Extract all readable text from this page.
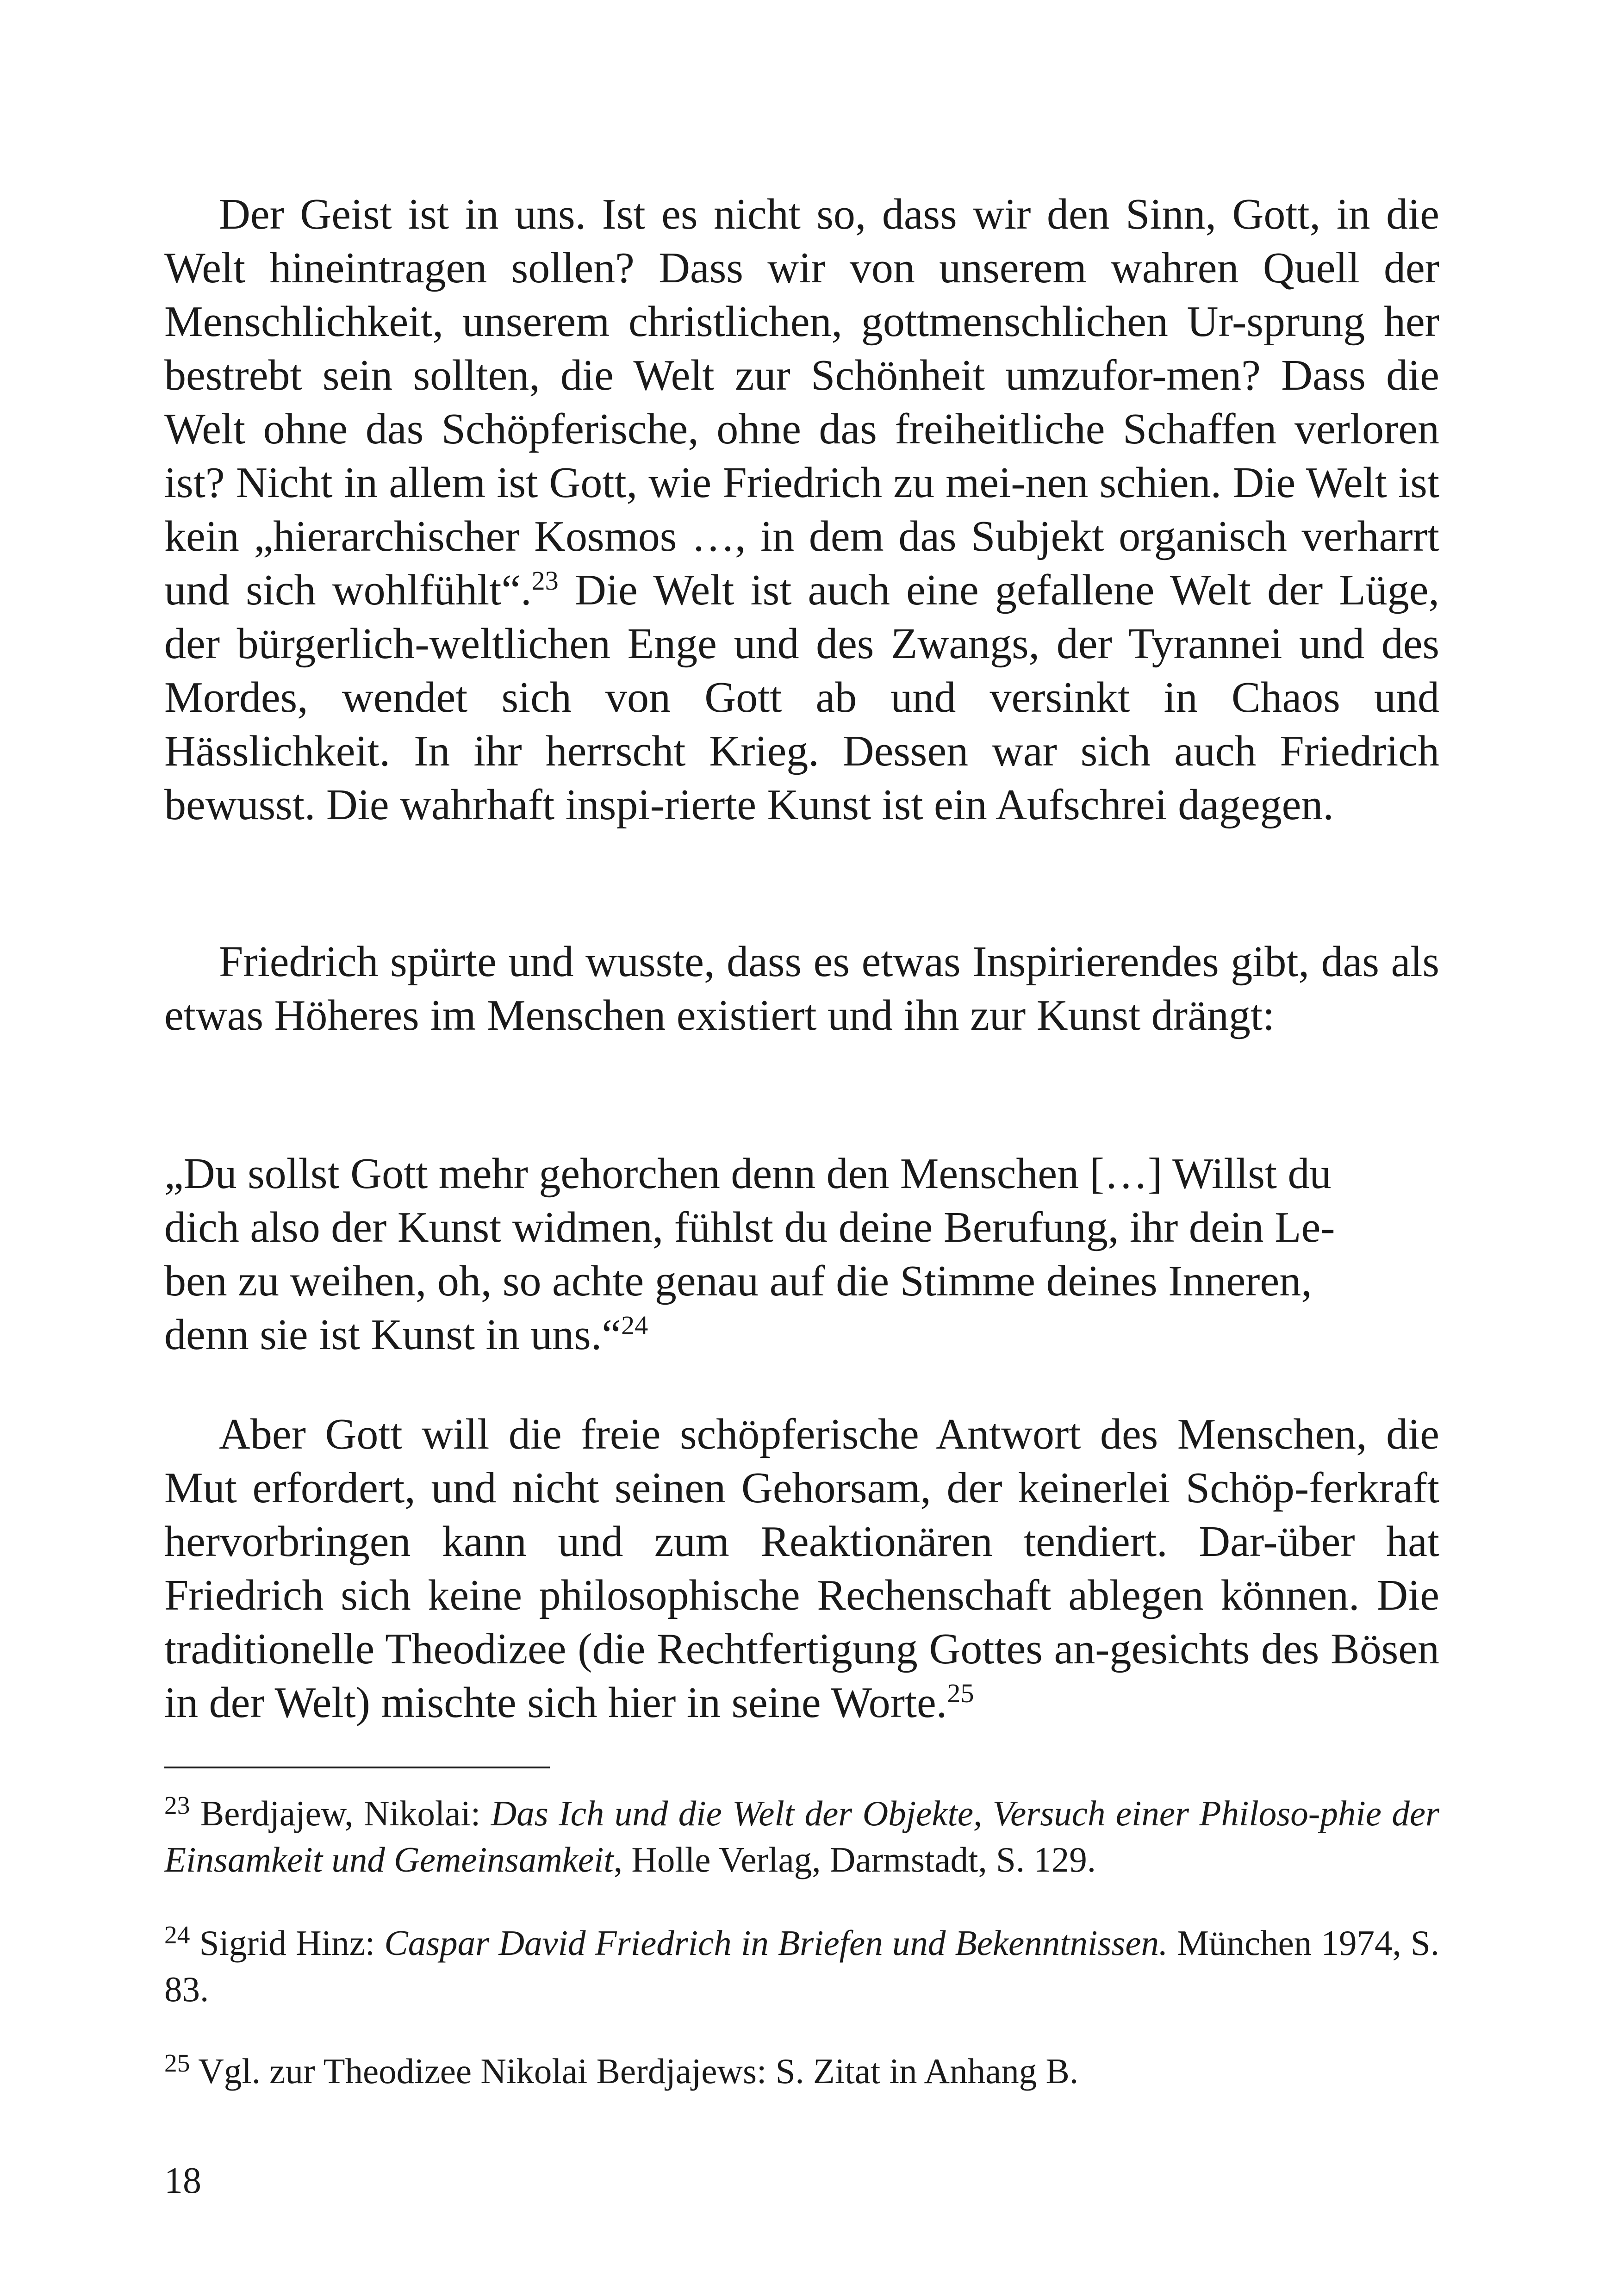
Der Geist ist in uns. Ist es nicht so, dass wir den Sinn, Gott, in die Welt hineintragen sollen? Dass wir von unserem wahren Quell der Menschlichkeit, unserem christlichen, gottmenschlichen Ur-sprung her bestrebt sein sollten, die Welt zur Schönheit umzufor-men? Dass die Welt ohne das Schöpferische, ohne das freiheitliche Schaffen verloren ist? Nicht in allem ist Gott, wie Friedrich zu mei-nen schien. Die Welt ist kein „hierarchischer Kosmos …, in dem das Subjekt organisch verharrt und sich wohlfühlt“.$^{23}$ Die Welt ist auch eine gefallene Welt der Lüge, der bürgerlich-weltlichen Enge und des Zwangs, der Tyrannei und des Mordes, wendet sich von Gott ab und versinkt in Chaos und Hässlichkeit. In ihr herrscht Krieg. Dessen war sich auch Friedrich bewusst. Die wahrhaft inspi-rierte Kunst ist ein Aufschrei dagegen.

Friedrich spürte und wusste, dass es etwas Inspirierendes gibt, das als etwas Höheres im Menschen existiert und ihn zur Kunst drängt:

„Du sollst Gott mehr gehorchen denn den Menschen […] Willst du
dich also der Kunst widmen, fühlst du deine Berufung, ihr dein Le-
ben zu weihen, oh, so achte genau auf die Stimme deines Inneren,
denn sie ist Kunst in uns.“$^{24}$

Aber Gott will die freie schöpferische Antwort des Menschen, die Mut erfordert, und nicht seinen Gehorsam, der keinerlei Schöp-ferkraft hervorbringen kann und zum Reaktionären tendiert. Dar-über hat Friedrich sich keine philosophische Rechenschaft ablegen können. Die traditionelle Theodizee (die Rechtfertigung Gottes an-gesichts des Bösen in der Welt) mischte sich hier in seine Worte.$^{25}$

$^{23}$ Berdjajew, Nikolai: Das Ich und die Welt der Objekte, Versuch einer Philoso-phie der Einsamkeit und Gemeinsamkeit, Holle Verlag, Darmstadt, S. 129.

$^{24}$ Sigrid Hinz: Caspar David Friedrich in Briefen und Bekenntnissen. München 1974, S. 83.

$^{25}$ Vgl. zur Theodizee Nikolai Berdjajews: S. Zitat in Anhang B.

18
